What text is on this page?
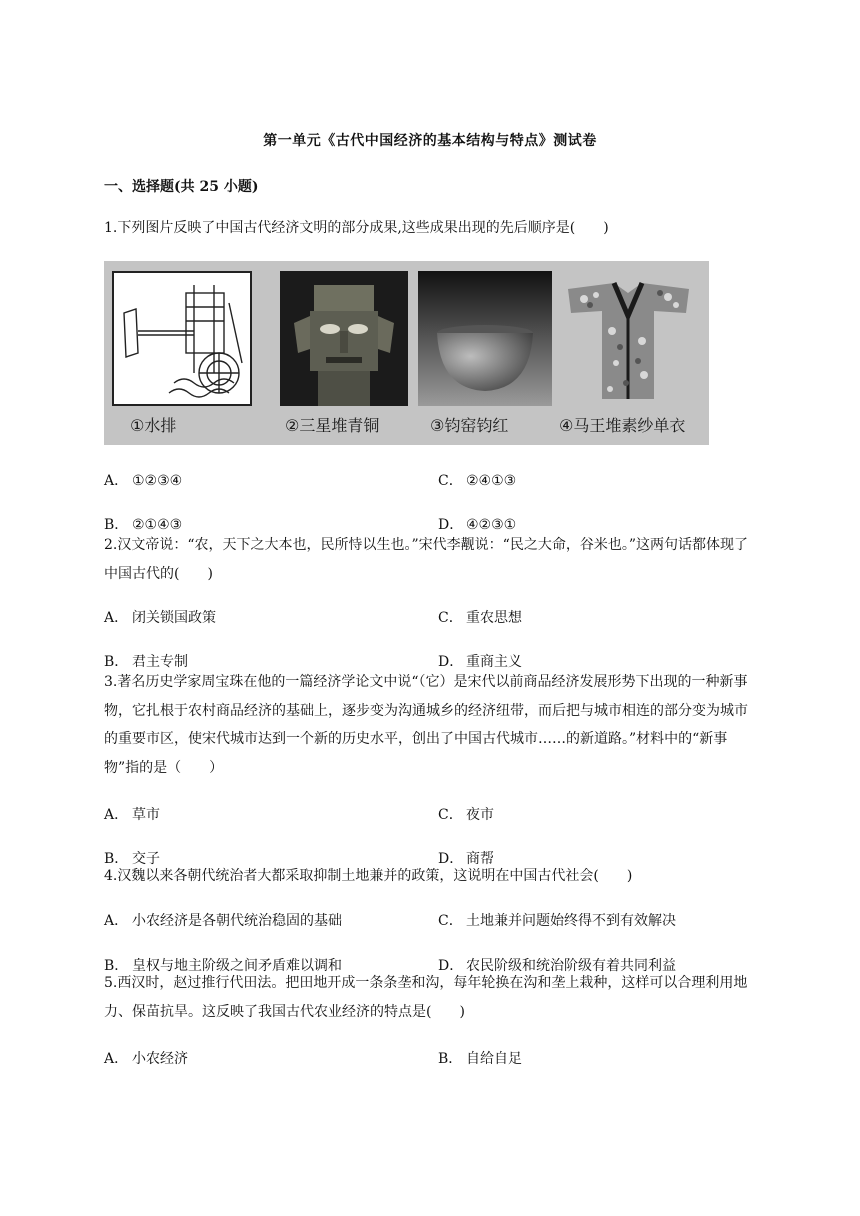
第一单元《古代中国经济的基本结构与特点》测试卷
一、选择题(共 25 小题)
1.下列图片反映了中国古代经济文明的部分成果,这些成果出现的先后顺序是(　　)
①水排	②三星堆青铜	③钧窑钧红	④马王堆素纱单衣
A． ①②③④	C． ②④①③
B． ②①④③	D． ④②③①
2.汉文帝说：“农，天下之大本也，民所恃以生也。”宋代李觏说：“民之大命，谷米也。”这两句话都体现了中国古代的(　　)
A． 闭关锁国政策	C． 重农思想
B． 君主专制	D． 重商主义
3.著名历史学家周宝珠在他的一篇经济学论文中说“（它）是宋代以前商品经济发展形势下出现的一种新事物，它扎根于农村商品经济的基础上，逐步变为沟通城乡的经济纽带，而后把与城市相连的部分变为城市的重要市区，使宋代城市达到一个新的历史水平，创出了中国古代城市……的新道路。”材料中的“新事物”指的是（　　）
A． 草市	C． 夜市
B． 交子	D． 商帮
4.汉魏以来各朝代统治者大都采取抑制土地兼并的政策，这说明在中国古代社会(　　)
A． 小农经济是各朝代统治稳固的基础	C． 土地兼并问题始终得不到有效解决
B． 皇权与地主阶级之间矛盾难以调和	D． 农民阶级和统治阶级有着共同利益
5.西汉时，赵过推行代田法。把田地开成一条条垄和沟，每年轮换在沟和垄上栽种，这样可以合理利用地力、保苗抗旱。这反映了我国古代农业经济的特点是(　　)
A． 小农经济	B． 自给自足
